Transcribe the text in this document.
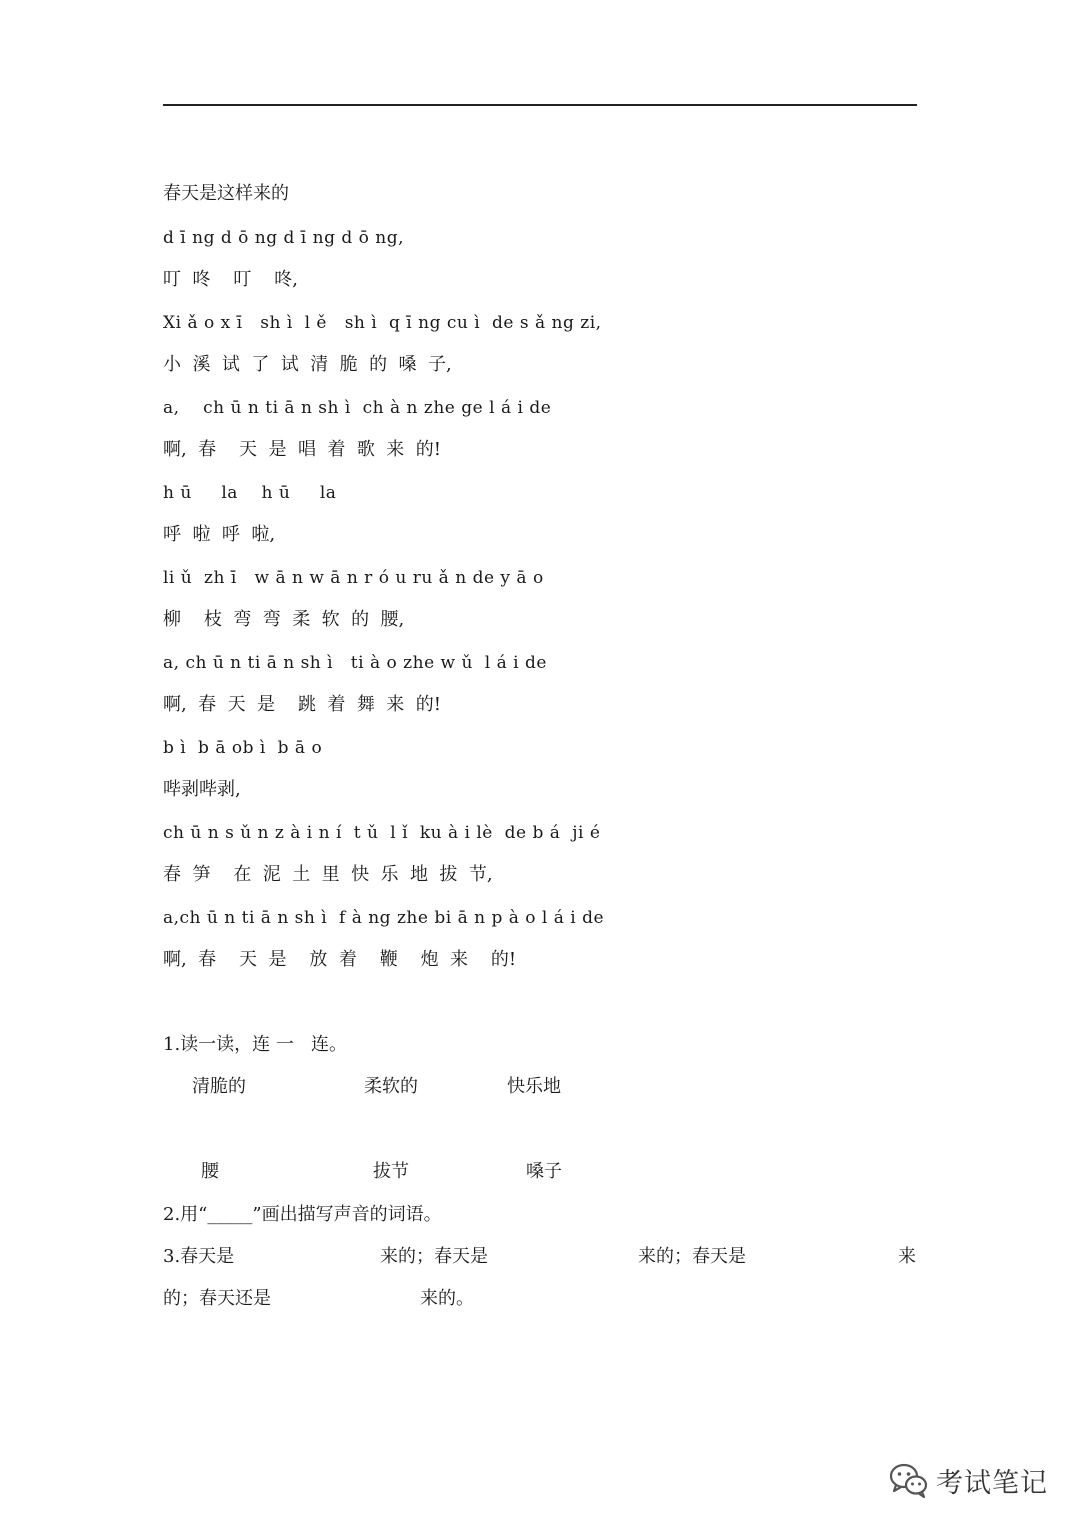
春天是这样来的
d ī ng d ō ng d ī ng d ō ng,
叮  咚    叮    咚,
Xi ǎ o x ī   sh ì  l ě   sh ì  q ī ng cu ì  de s ǎ ng zi,
小  溪  试  了  试  清  脆  的  嗓  子,
a,    ch ū n ti ā n sh ì  ch à n zhe ge l á i de
啊,  春    天  是  唱  着  歌  来  的!
h ū     la    h ū     la
呼  啦  呼  啦,
li ǔ  zh ī   w ā n w ā n r ó u ru ǎ n de y ā o
柳    枝  弯  弯  柔  软  的  腰,
a, ch ū n ti ā n sh ì   ti à o zhe w ǔ  l á i de
啊,  春  天  是    跳  着  舞  来  的!
b ì  b ā ob ì  b ā o
哔剥哔剥,
ch ū n s ǔ n z à i n í  t ǔ  l ǐ  ku à i lè  de b á  ji é
春  笋    在  泥  土  里  快  乐  地  拔  节,
a,ch ū n ti ā n sh ì  f à ng zhe bi ā n p à o l á i de
啊,  春    天  是    放  着    鞭    炮  来    的!
1.读一读，连 一   连。
清脆的	柔软的	快乐地
腰	拔节	嗓子
2.用“_____”画出描写声音的词语。
3.春天是	来的；春天是	来的；春天是	来
的；春天还是	来的。
考试笔记
